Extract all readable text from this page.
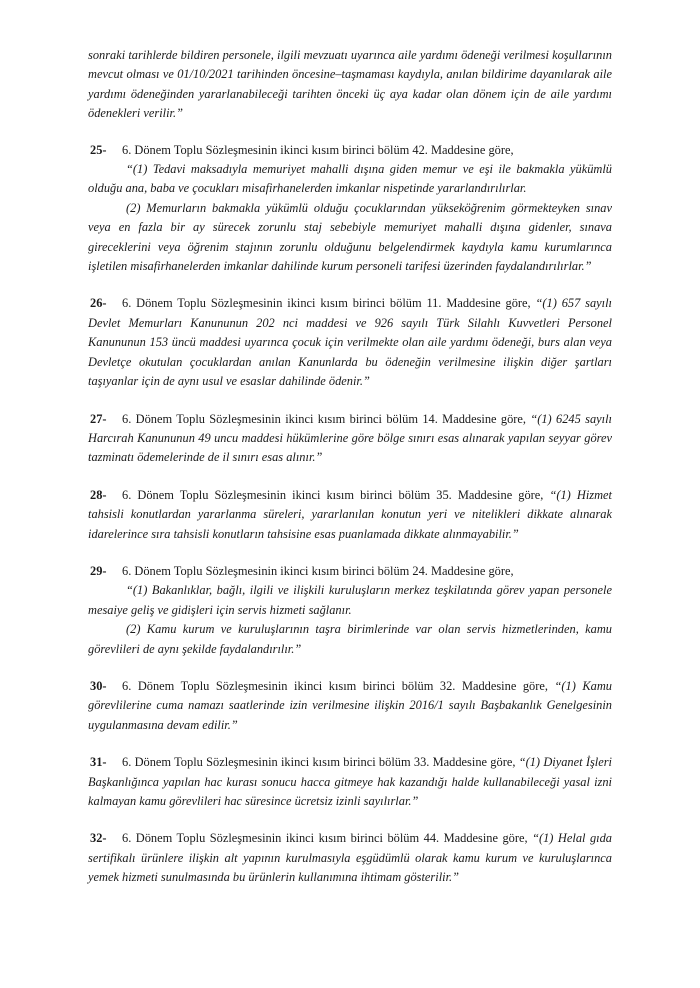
sonraki tarihlerde bildiren personele, ilgili mevzuatı uyarınca aile yardımı ödeneği verilmesi koşullarının mevcut olması ve 01/10/2021 tarihinden öncesine–taşmaması kaydıyla, anılan bildirime dayanılarak aile yardımı ödeneğinden yararlanabileceği tarihten önceki üç aya kadar olan dönem için de aile yardımı ödenekleri verilir.”

25- 6. Dönem Toplu Sözleşmesinin ikinci kısım birinci bölüm 42. Maddesine göre,

“(1) Tedavi maksadıyla memuriyet mahalli dışına giden memur ve eşi ile bakmakla yükümlü olduğu ana, baba ve çocukları misafirhanelerden imkanlar nispetinde yararlandırılırlar.

(2) Memurların bakmakla yükümlü olduğu çocuklarından yükseköğrenim görmekteyken sınav veya en fazla bir ay sürecek zorunlu staj sebebiyle memuriyet mahalli dışına gidenler, sınava gireceklerini veya öğrenim stajının zorunlu olduğunu belgelendirmek kaydıyla kamu kurumlarınca işletilen misafirhanelerden imkanlar dahilinde kurum personeli tarifesi üzerinden faydalandırılırlar.”

26- 6. Dönem Toplu Sözleşmesinin ikinci kısım birinci bölüm 11. Maddesine göre, “(1) 657 sayılı Devlet Memurları Kanununun 202 nci maddesi ve 926 sayılı Türk Silahlı Kuvvetleri Personel Kanununun 153 üncü maddesi uyarınca çocuk için verilmekte olan aile yardımı ödeneği, burs alan veya Devletçe okutulan çocuklardan anılan Kanunlarda bu ödeneğin verilmesine ilişkin diğer şartları taşıyanlar için de aynı usul ve esaslar dahilinde ödenir.”

27- 6. Dönem Toplu Sözleşmesinin ikinci kısım birinci bölüm 14. Maddesine göre, “(1) 6245 sayılı Harcırah Kanununun 49 uncu maddesi hükümlerine göre bölge sınırı esas alınarak yapılan seyyar görev tazminatı ödemelerinde de il sınırı esas alınır.”

28- 6. Dönem Toplu Sözleşmesinin ikinci kısım birinci bölüm 35. Maddesine göre, “(1) Hizmet tahsisli konutlardan yararlanma süreleri, yararlanılan konutun yeri ve nitelikleri dikkate alınarak idarelerince sıra tahsisli konutların tahsisine esas puanlamada dikkate alınmayabilir.”

29- 6. Dönem Toplu Sözleşmesinin ikinci kısım birinci bölüm 24. Maddesine göre,

“(1) Bakanlıklar, bağlı, ilgili ve ilişkili kuruluşların merkez teşkilatında görev yapan personele mesaiye geliş ve gidişleri için servis hizmeti sağlanır.

(2) Kamu kurum ve kuruluşlarının taşra birimlerinde var olan servis hizmetlerinden, kamu görevlileri de aynı şekilde faydalandırılır.”

30- 6. Dönem Toplu Sözleşmesinin ikinci kısım birinci bölüm 32. Maddesine göre, “(1) Kamu görevlilerine cuma namazı saatlerinde izin verilmesine ilişkin 2016/1 sayılı Başbakanlık Genelgesinin uygulanmasına devam edilir.”

31- 6. Dönem Toplu Sözleşmesinin ikinci kısım birinci bölüm 33. Maddesine göre, “(1) Diyanet İşleri Başkanlığınca yapılan hac kurası sonucu hacca gitmeye hak kazandığı halde kullanabileceği yasal izni kalmayan kamu görevlileri hac süresince ücretsiz izinli sayılırlar.”

32- 6. Dönem Toplu Sözleşmesinin ikinci kısım birinci bölüm 44. Maddesine göre, “(1) Helal gıda sertifikalı ürünlere ilişkin alt yapının kurulmasıyla eşgüdümlü olarak kamu kurum ve kuruluşlarınca yemek hizmeti sunulmasında bu ürünlerin kullanımına ihtimam gösterilir.”
